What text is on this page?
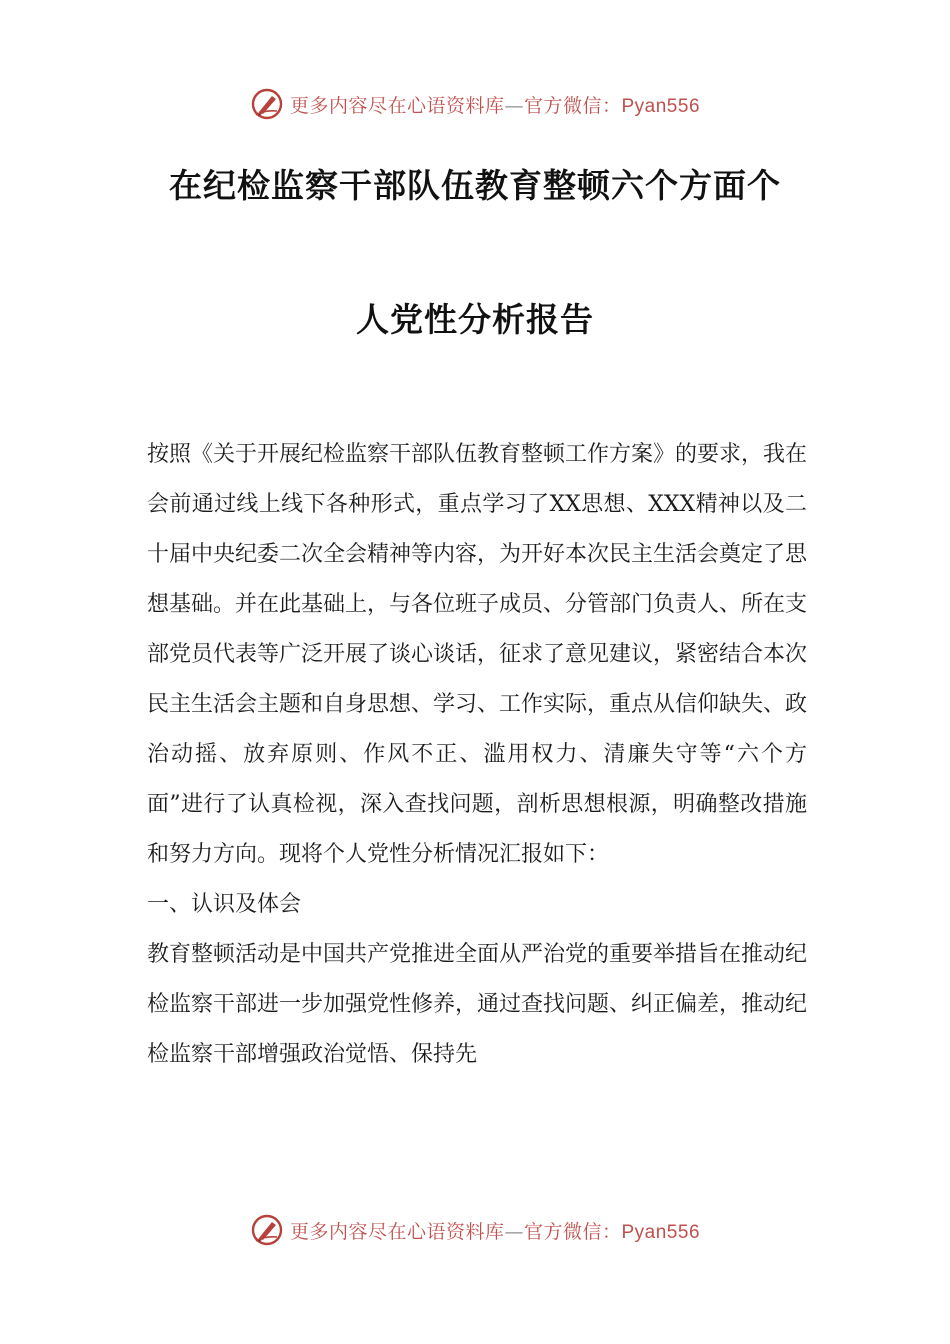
更多内容尽在心语资料库—官方微信：Pyan556
在纪检监察干部队伍教育整顿六个方面个
人党性分析报告

按照《关于开展纪检监察干部队伍教育整顿工作方案》的要求，我在会前通过线上线下各种形式，重点学习了XX思想、XXX精神以及二十届中央纪委二次全会精神等内容，为开好本次民主生活会奠定了思想基础。并在此基础上，与各位班子成员、分管部门负责人、所在支部党员代表等广泛开展了谈心谈话，征求了意见建议，紧密结合本次民主生活会主题和自身思想、学习、工作实际，重点从信仰缺失、政治动摇、放弃原则、作风不正、滥用权力、清廉失守等“六个方面”进行了认真检视，深入查找问题，剖析思想根源，明确整改措施和努力方向。现将个人党性分析情况汇报如下：

一、认识及体会

教育整顿活动是中国共产党推进全面从严治党的重要举措旨在推动纪检监察干部进一步加强党性修养，通过查找问题、纠正偏差，推动纪检监察干部增强政治觉悟、保持先

更多内容尽在心语资料库—官方微信：Pyan556
